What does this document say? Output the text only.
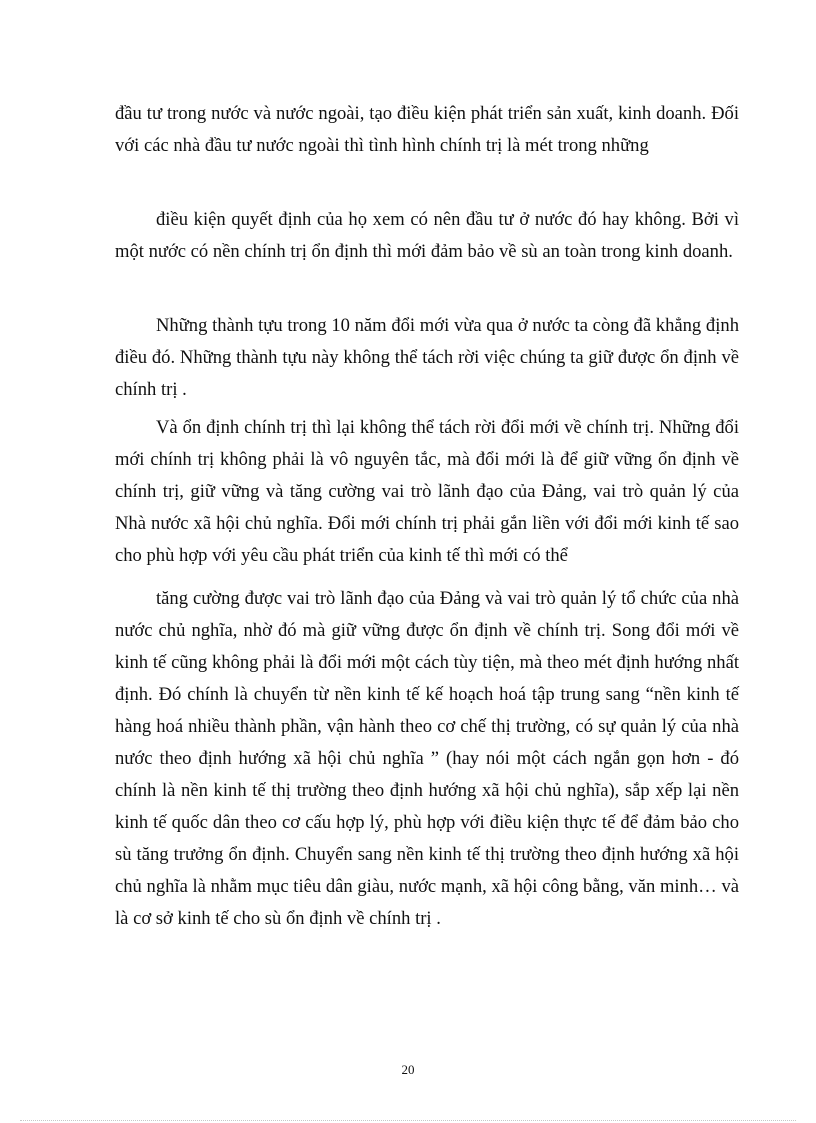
đầu tư trong nước và nước ngoài, tạo điều kiện phát triển sản xuất, kinh doanh. Đối với các nhà đầu tư nước ngoài thì tình hình chính trị là mét trong những

điều kiện quyết định của họ xem có nên đầu tư ở nước đó hay không. Bởi vì một nước có nền chính trị ổn định thì mới đảm bảo về sù an toàn trong kinh doanh.

Những thành tựu trong 10 năm đổi mới vừa qua ở nước ta còng đã khẳng định điều đó. Những thành tựu này không thể tách rời việc chúng ta giữ được ổn định về chính trị .

Và ổn định chính trị thì lại không thể tách rời đổi mới về chính trị. Những đổi mới chính trị không phải là vô nguyên tắc, mà đổi mới là để giữ vững ổn định về chính trị, giữ vững và tăng cường vai trò lãnh đạo của Đảng, vai trò quản lý của Nhà nước xã hội chủ nghĩa. Đổi mới chính trị phải gắn liền với đổi mới kinh tế sao cho phù hợp với yêu cầu phát triển của kinh tế thì mới có thể

tăng cường được vai trò lãnh đạo của Đảng và vai trò quản lý tổ chức của nhà nước chủ nghĩa, nhờ đó mà giữ vững được ổn định về chính trị. Song đổi mới về kinh tế cũng không phải là đổi mới một cách tùy tiện, mà theo mét định hướng nhất định. Đó chính là chuyển từ nền kinh tế kế hoạch hoá tập trung sang “nền kinh tế hàng hoá nhiều thành phần, vận hành theo cơ chế thị trường, có sự quản lý của nhà nước theo định hướng xã hội chủ nghĩa ” (hay nói một cách ngắn gọn hơn - đó chính là nền kinh tế thị trường theo định hướng xã hội chủ nghĩa), sắp xếp lại nền kinh tế quốc dân theo cơ cấu hợp lý, phù hợp với điều kiện thực tế để đảm bảo cho sù tăng trưởng ổn định. Chuyển sang nền kinh tế thị trường theo định hướng xã hội chủ nghĩa là nhằm mục tiêu dân giàu, nước mạnh, xã hội công bằng, văn minh… và là cơ sở kinh tế cho sù ổn định về chính trị .

20
